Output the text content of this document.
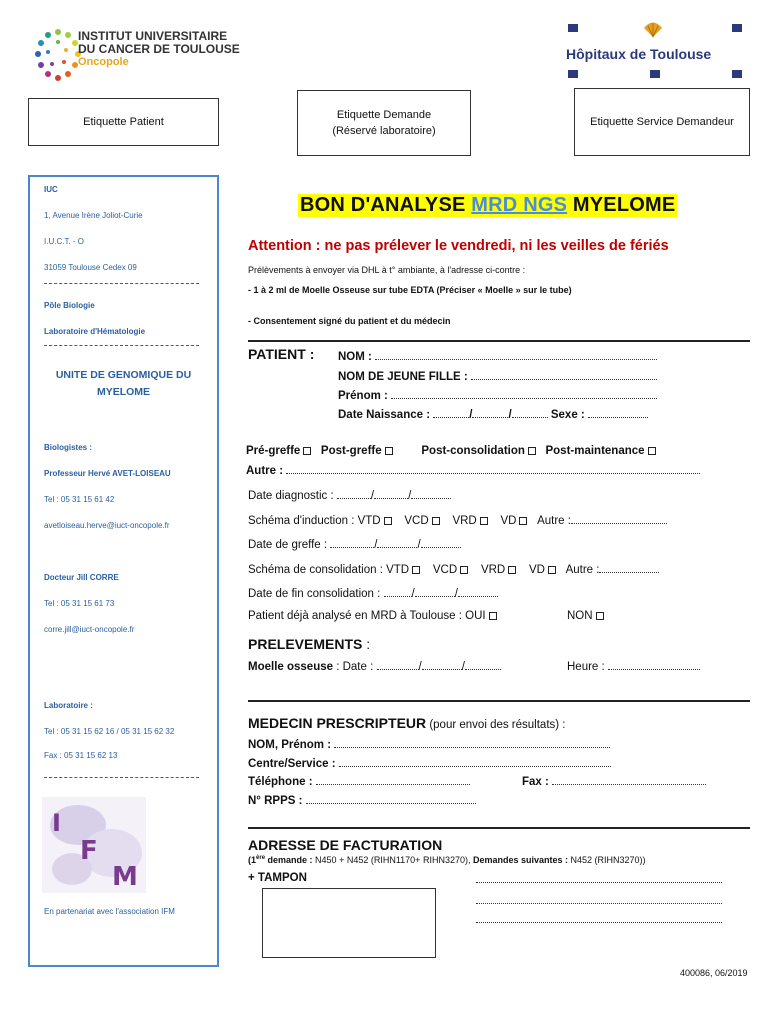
INSTITUT UNIVERSITAIRE
DU CANCER DE TOULOUSE
Oncopole	Hôpitaux de Toulouse
Etiquette Patient
Etiquette Demande
(Réservé laboratoire)
Etiquette Service Demandeur
IUC
1, Avenue Irène Joliot-Curie
I.U.C.T. - O
31059 Toulouse Cedex 09
Pôle Biologie
Laboratoire d'Hématologie
UNITE DE GENOMIQUE DU
MYELOME
Biologistes :
Professeur Hervé AVET-LOISEAU
Tel : 05 31 15 61 42
avetloiseau.herve@iuct-oncopole.fr
Docteur Jill CORRE
Tel : 05 31 15 61 73
corre.jill@iuct-oncopole.fr
Laboratoire :
Tel : 05 31 15 62 16 / 05 31 15 62 32
Fax : 05 31 15 62 13
I
F
M
En partenariat avec l'association IFM
BON D'ANALYSE MRD NGS MYELOME
Attention : ne pas prélever le vendredi, ni les veilles de fériés
Prélèvements à envoyer via DHL à t° ambiante, à l'adresse ci-contre :
- 1 à 2 ml de Moelle Osseuse sur tube EDTA (Préciser « Moelle » sur le tube)
- Consentement signé du patient et du médecin
PATIENT : NOM :
NOM DE JEUNE FILLE :
Prénom :
Date Naissance :	/	/	Sexe :
Pré-greffe Post-greffe	Post-consolidation Post-maintenance
Autre :
Date diagnostic :	/	/
Schéma d'induction : VTD VCD VRD VD Autre :
Date de greffe :	/	/
Schéma de consolidation : VTD VCD VRD VD Autre :
Date de fin consolidation :	/	/
Patient déjà analysé en MRD à Toulouse : OUI	NON
PRELEVEMENTS :
Moelle osseuse : Date :	/	/	Heure :
MEDECIN PRESCRIPTEUR (pour envoi des résultats) :
NOM, Prénom :
Centre/Service :
Téléphone :	Fax :
N° RPPS :
ADRESSE DE FACTURATION
(1ère demande : N450 + N452 (RIHN1170+ RIHN3270), Demandes suivantes : N452 (RIHN3270))
+ TAMPON
400086, 06/2019
